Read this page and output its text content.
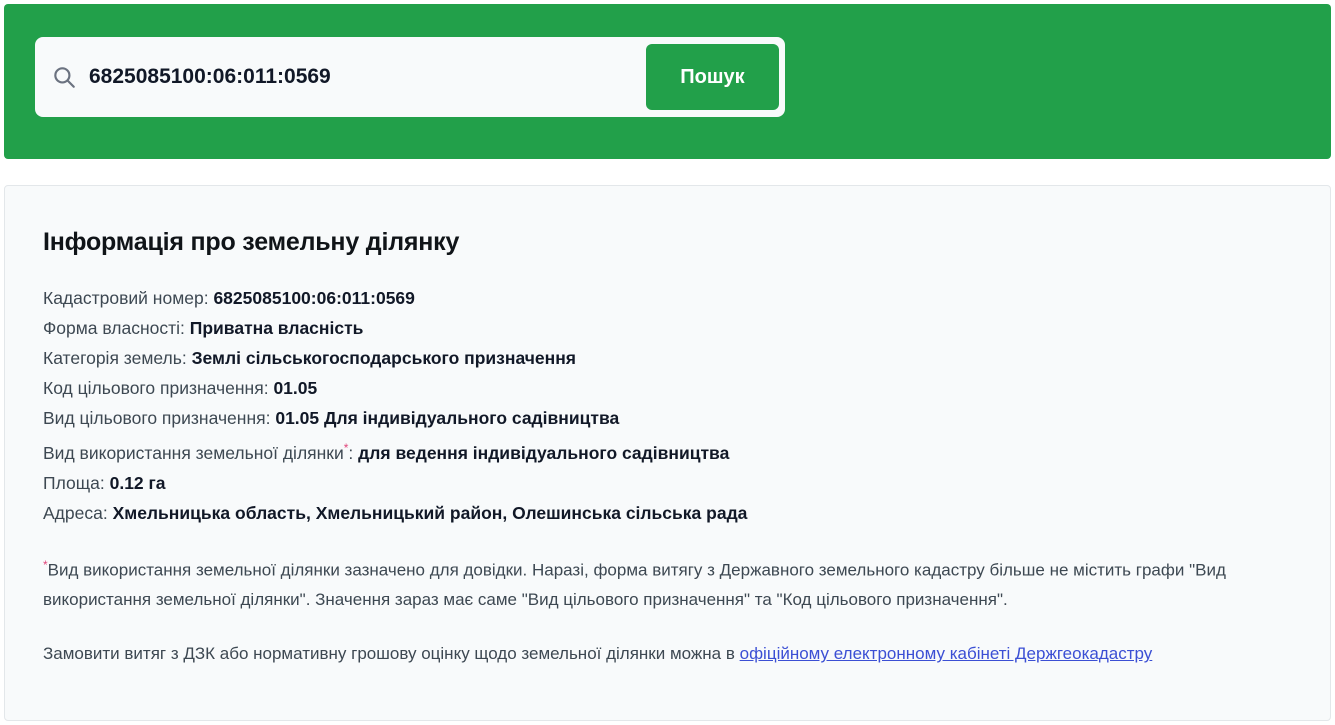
6825085100:06:011:0569
Пошук
Інформація про земельну ділянку
Кадастровий номер: 6825085100:06:011:0569
Форма власності: Приватна власність
Категорія земель: Землі сільськогосподарського призначення
Код цільового призначення: 01.05
Вид цільового призначення: 01.05 Для індивідуального садівництва
Вид використання земельної ділянки*: для ведення індивідуального садівництва
Площа: 0.12 га
Адреса: Хмельницька область, Хмельницький район, Олешинська сільська рада

*Вид використання земельної ділянки зазначено для довідки. Наразі, форма витягу з Державного земельного кадастру більше не містить графи "Вид використання земельної ділянки". Значення зараз має саме "Вид цільового призначення" та "Код цільового призначення".

Замовити витяг з ДЗК або нормативну грошову оцінку щодо земельної ділянки можна в офіційному електронному кабінеті Держгеокадастру
